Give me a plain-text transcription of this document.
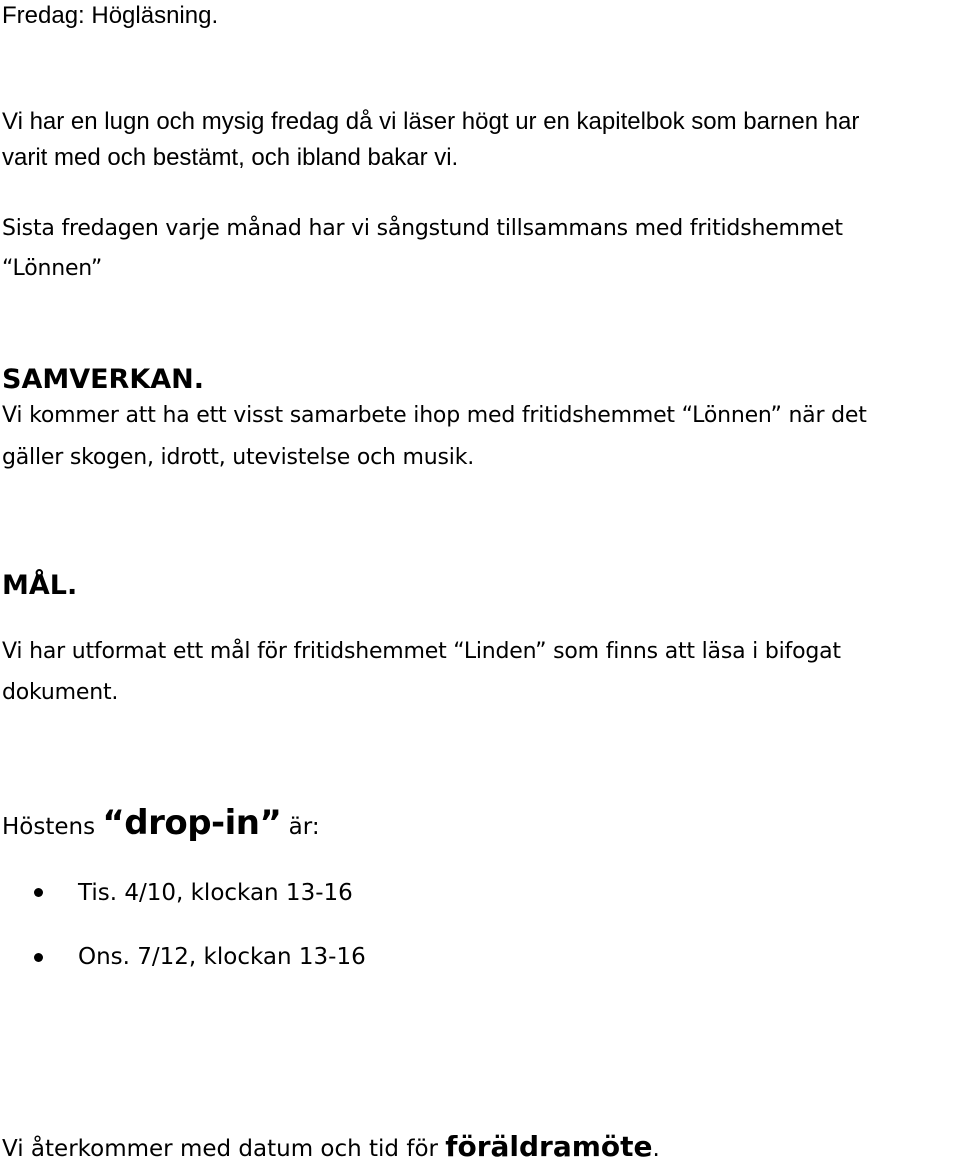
Fredag: Högläsning.
Vi har en lugn och mysig fredag då vi läser högt ur en kapitelbok som barnen har
varit med och bestämt, och ibland bakar vi.
Sista fredagen varje månad har vi sångstund tillsammans med fritidshemmet
“Lönnen”
SAMVERKAN.
Vi kommer att ha ett visst samarbete ihop med fritidshemmet “Lönnen” när det
gäller skogen, idrott, utevistelse och musik.
MÅL.
Vi har utformat ett mål för fritidshemmet “Linden” som finns att läsa i bifogat
dokument.
Höstens “drop-in” är:
Tis. 4/10, klockan 13-16
Ons. 7/12, klockan 13-16
Vi återkommer med datum och tid för föräldramöte.
